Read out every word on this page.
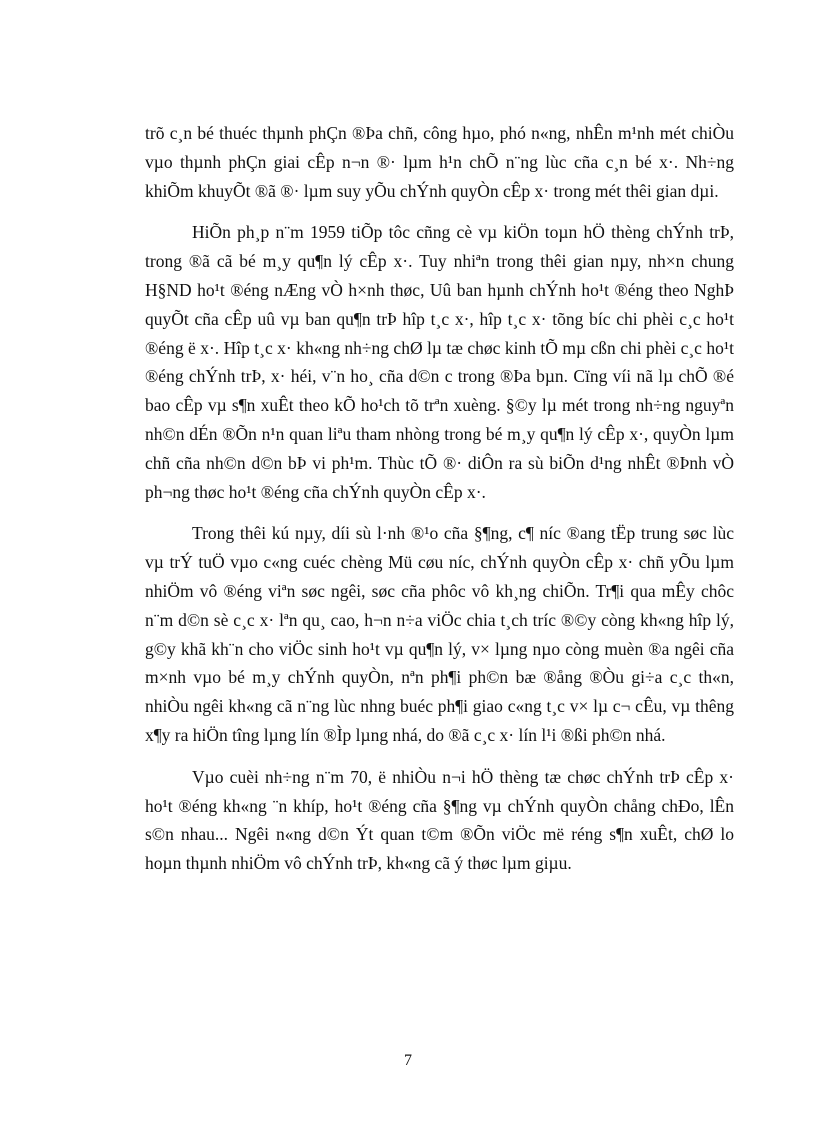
trõ c¸n bé thuéc thµnh phÇn ®Þa chñ, công hµo, phó n«ng, nhÊn m¹nh mét chiÒu vµo thµnh phÇn giai cÊp n¬n ®· lµm h¹n chÕ n¨ng lùc cña c¸n bé x·. Nh÷ng khiÕm khuyÕt ®ã ®· lµm suy yÕu chÝnh quyÒn cÊp x· trong mét thêi gian dµi.

HiÕn ph¸p n¨m 1959 tiÕp tôc cñng cè vµ kiÖn toµn hÖ thèng chÝnh trÞ, trong ®ã cã bé m¸y qu¶n lý cÊp x·. Tuy nhiªn trong thêi gian nµy, nh×n chung H§ND ho¹t ®éng nÆng vÒ h×nh thøc, Uû ban hµnh chÝnh ho¹t ®éng theo NghÞ quyÕt cña cÊp uû vµ ban qu¶n trÞ hîp t¸c x·, hîp t¸c x· tõng bíc chi phèi c¸c ho¹t ®éng ë x·. Hîp t¸c x· kh«ng nh÷ng chØ lµ tæ chøc kinh tÕ mµ cßn chi phèi c¸c ho¹t ®éng chÝnh trÞ, x· héi, v¨n ho¸ cña d©n c trong ®Þa bµn. Cïng víi nã lµ chÕ ®é bao cÊp vµ s¶n xuÊt theo kÕ ho¹ch tõ trªn xuèng. §©y lµ mét trong nh÷ng nguyªn nh©n dÉn ®Õn n¹n quan liªu tham nhòng trong bé m¸y qu¶n lý cÊp x·, quyÒn lµm chñ cña nh©n d©n bÞ vi ph¹m. Thùc tÕ ®· diÔn ra sù biÕn d¹ng nhÊt ®Þnh vÒ ph¬ng thøc ho¹t ®éng cña chÝnh quyÒn cÊp x·.

Trong thêi kú nµy, díi sù l·nh ®¹o cña §¶ng, c¶ níc ®ang tËp trung søc lùc vµ trÝ tuÖ vµo c«ng cuéc chèng Mü cøu níc, chÝnh quyÒn cÊp x· chñ yÕu lµm nhiÖm vô ®éng viªn søc ngêi, søc cña phôc vô kh¸ng chiÕn. Tr¶i qua mÊy chôc n¨m d©n sè c¸c x· lªn qu¸ cao, h¬n n÷a viÖc chia t¸ch tríc ®©y còng kh«ng hîp lý, g©y khã kh¨n cho viÖc sinh ho¹t vµ qu¶n lý, v× lµng nµo còng muèn ®a ngêi cña m×nh vµo bé m¸y chÝnh quyÒn, nªn ph¶i ph©n bæ ®ång ®Òu gi÷a c¸c th«n, nhiÒu ngêi kh«ng cã n¨ng lùc nhng buéc ph¶i giao c«ng t¸c v× lµ c¬ cÊu, vµ thêng x¶y ra hiÖn tîng lµng lín ®Ìp lµng nhá, do ®ã c¸c x· lín l¹i ®ßi ph©n nhá.

Vµo cuèi nh÷ng n¨m 70, ë nhiÒu n¬i hÖ thèng tæ chøc chÝnh trÞ cÊp x· ho¹t ®éng kh«ng ¨n khíp, ho¹t ®éng cña §¶ng vµ chÝnh quyÒn chång chÐo, lÊn s©n nhau... Ngêi n«ng d©n Ýt quan t©m ®Õn viÖc më réng s¶n xuÊt, chØ lo hoµn thµnh nhiÖm vô chÝnh trÞ, kh«ng cã ý thøc lµm giµu.

7
